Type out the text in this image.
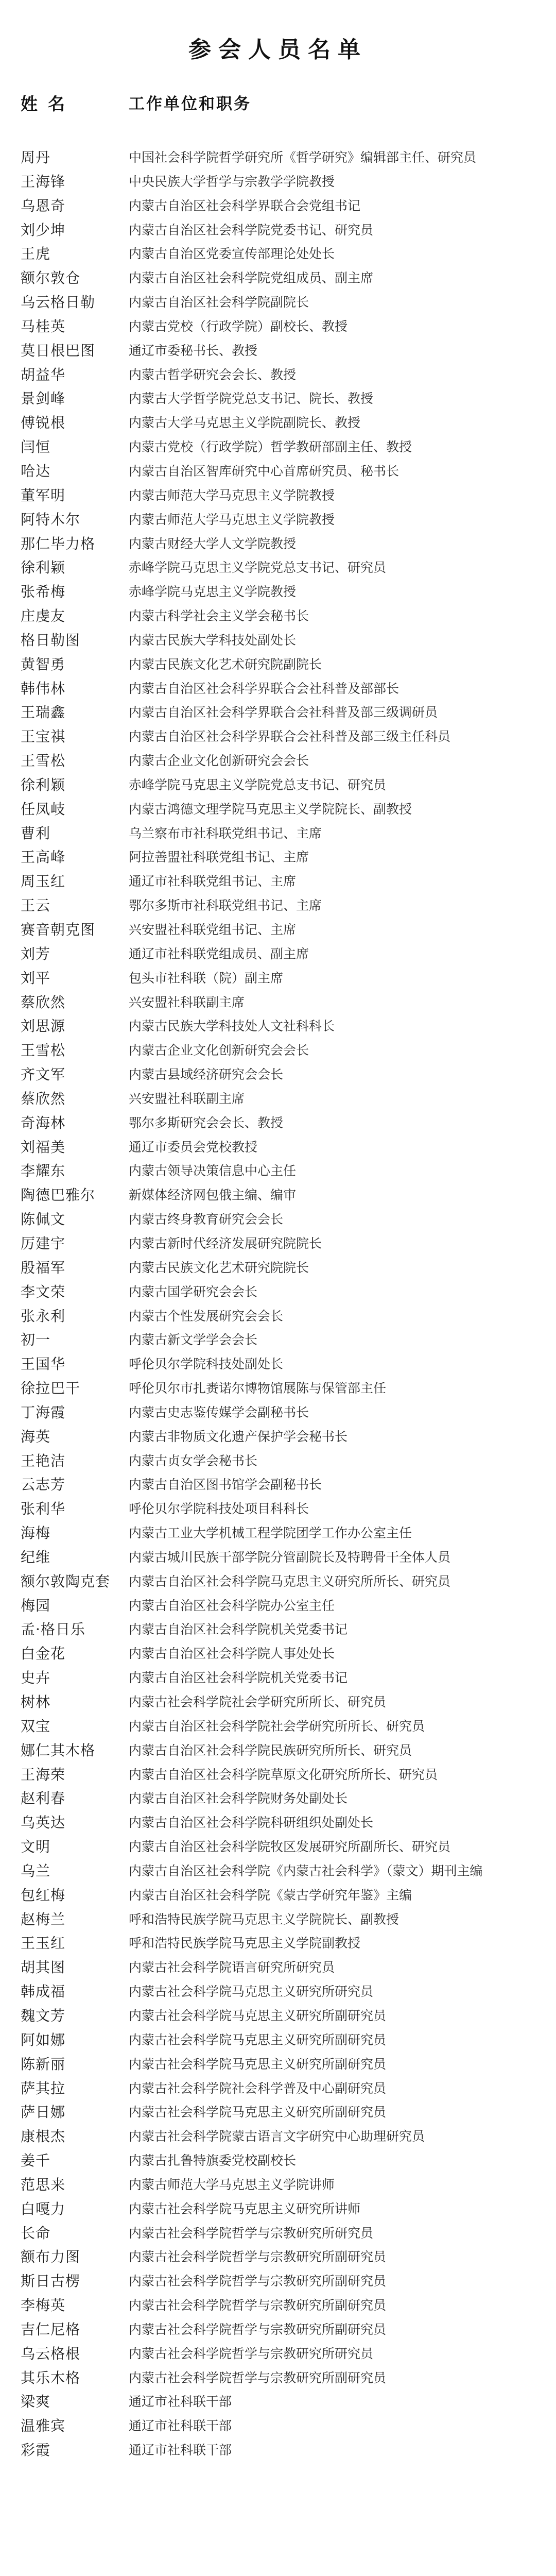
参会人员名单
姓名	工作单位和职务
周丹	中国社会科学院哲学研究所《哲学研究》编辑部主任、研究员
王海锋	中央民族大学哲学与宗教学学院教授
乌恩奇	内蒙古自治区社会科学界联合会党组书记
刘少坤	内蒙古自治区社会科学院党委书记、研究员
王虎	内蒙古自治区党委宣传部理论处处长
额尔敦仓	内蒙古自治区社会科学院党组成员、副主席
乌云格日勒	内蒙古自治区社会科学院副院长
马桂英	内蒙古党校（行政学院）副校长、教授
莫日根巴图	通辽市委秘书长、教授
胡益华	内蒙古哲学研究会会长、教授
景剑峰	内蒙古大学哲学院党总支书记、院长、教授
傅锐根	内蒙古大学马克思主义学院副院长、教授
闫恒	内蒙古党校（行政学院）哲学教研部副主任、教授
哈达	内蒙古自治区智库研究中心首席研究员、秘书长
董军明	内蒙古师范大学马克思主义学院教授
阿特木尔	内蒙古师范大学马克思主义学院教授
那仁毕力格	内蒙古财经大学人文学院教授
徐利颖	赤峰学院马克思主义学院党总支书记、研究员
张希梅	赤峰学院马克思主义学院教授
庄虔友	内蒙古科学社会主义学会秘书长
格日勒图	内蒙古民族大学科技处副处长
黄智勇	内蒙古民族文化艺术研究院副院长
韩伟林	内蒙古自治区社会科学界联合会社科普及部部长
王瑞鑫	内蒙古自治区社会科学界联合会社科普及部三级调研员
王宝祺	内蒙古自治区社会科学界联合会社科普及部三级主任科员
王雪松	内蒙古企业文化创新研究会会长
徐利颖	赤峰学院马克思主义学院党总支书记、研究员
任凤岐	内蒙古鸿德文理学院马克思主义学院院长、副教授
曹利	乌兰察布市社科联党组书记、主席
王高峰	阿拉善盟社科联党组书记、主席
周玉红	通辽市社科联党组书记、主席
王云	鄂尔多斯市社科联党组书记、主席
赛音朝克图	兴安盟社科联党组书记、主席
刘芳	通辽市社科联党组成员、副主席
刘平	包头市社科联（院）副主席
蔡欣然	兴安盟社科联副主席
刘思源	内蒙古民族大学科技处人文社科科长
王雪松	内蒙古企业文化创新研究会会长
齐文军	内蒙古县域经济研究会会长
蔡欣然	兴安盟社科联副主席
奇海林	鄂尔多斯研究会会长、教授
刘福美	通辽市委员会党校教授
李耀东	内蒙古领导决策信息中心主任
陶德巴雅尔	新媒体经济网包俄主编、编审
陈佩文	内蒙古终身教育研究会会长
厉建宇	内蒙古新时代经济发展研究院院长
殷福军	内蒙古民族文化艺术研究院院长
李文荣	内蒙古国学研究会会长
张永利	内蒙古个性发展研究会会长
初一	内蒙古新文学学会会长
王国华	呼伦贝尔学院科技处副处长
徐拉巴干	呼伦贝尔市扎赉诺尔博物馆展陈与保管部主任
丁海霞	内蒙古史志鉴传媒学会副秘书长
海英	内蒙古非物质文化遗产保护学会秘书长
王艳洁	内蒙古贞女学会秘书长
云志芳	内蒙古自治区图书馆学会副秘书长
张利华	呼伦贝尔学院科技处项目科科长
海梅	内蒙古工业大学机械工程学院团学工作办公室主任
纪维	内蒙古城川民族干部学院分管副院长及特聘骨干全体人员
额尔敦陶克套 内蒙古自治区社会科学院马克思主义研究所所长、研究员
梅园	内蒙古自治区社会科学院办公室主任
孟·格日乐	内蒙古自治区社会科学院机关党委书记
白金花	内蒙古自治区社会科学院人事处处长
史卉	内蒙古自治区社会科学院机关党委书记
树林	内蒙古社会科学院社会学研究所所长、研究员
双宝	内蒙古自治区社会科学院社会学研究所所长、研究员
娜仁其木格	内蒙古自治区社会科学院民族研究所所长、研究员
王海荣	内蒙古自治区社会科学院草原文化研究所所长、研究员
赵利春	内蒙古自治区社会科学院财务处副处长
乌英达	内蒙古自治区社会科学院科研组织处副处长
文明	内蒙古自治区社会科学院牧区发展研究所副所长、研究员
乌兰	内蒙古自治区社会科学院《内蒙古社会科学》（蒙文）期刊主编
包红梅	内蒙古自治区社会科学院《蒙古学研究年鉴》主编
赵梅兰	呼和浩特民族学院马克思主义学院院长、副教授
王玉红	呼和浩特民族学院马克思主义学院副教授
胡其图	内蒙古社会科学院语言研究所研究员
韩成福	内蒙古社会科学院马克思主义研究所研究员
魏文芳	内蒙古社会科学院马克思主义研究所副研究员
阿如娜	内蒙古社会科学院马克思主义研究所副研究员
陈新丽	内蒙古社会科学院马克思主义研究所副研究员
萨其拉	内蒙古社会科学院社会科学普及中心副研究员
萨日娜	内蒙古社会科学院马克思主义研究所副研究员
康根杰	内蒙古社会科学院蒙古语言文字研究中心助理研究员
姜千	内蒙古扎鲁特旗委党校副校长
范思来	内蒙古师范大学马克思主义学院讲师
白嘎力	内蒙古社会科学院马克思主义研究所讲师
长命	内蒙古社会科学院哲学与宗教研究所研究员
额布力图	内蒙古社会科学院哲学与宗教研究所副研究员
斯日古楞	内蒙古社会科学院哲学与宗教研究所副研究员
李梅英	内蒙古社会科学院哲学与宗教研究所副研究员
吉仁尼格	内蒙古社会科学院哲学与宗教研究所副研究员
乌云格根	内蒙古社会科学院哲学与宗教研究所研究员
其乐木格	内蒙古社会科学院哲学与宗教研究所副研究员
梁爽	通辽市社科联干部
温雅宾	通辽市社科联干部
彩霞	通辽市社科联干部
